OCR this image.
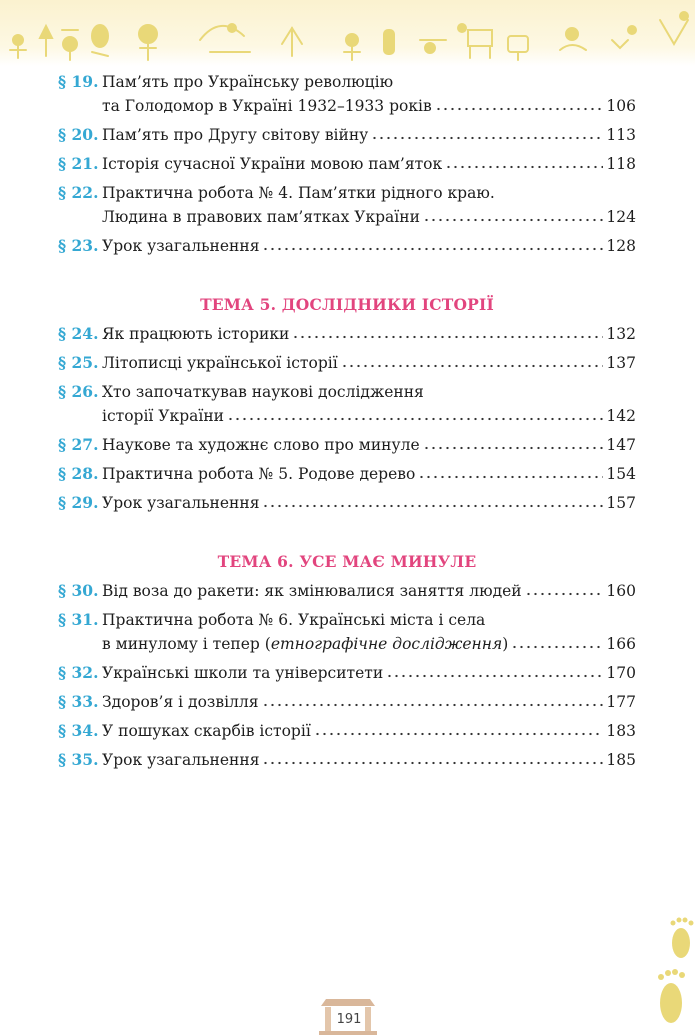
§ 19. Пам’ять про Українську революцію
та Голодомор в Україні 1932–1933 років	106
§ 20. Пам’ять про Другу світову війну	113
§ 21. Історія сучасної України мовою пам’яток	118
§ 22. Практична робота № 4. Пам’ятки рідного краю.
Людина в правових пам’ятках України	124
§ 23. Урок узагальнення	128
ТЕМА 5. ДОСЛІДНИКИ ІСТОРІЇ
§ 24. Як працюють історики	132
§ 25. Літописці української історії	137
§ 26. Хто започаткував наукові дослідження
історії України	142
§ 27. Наукове та художнє слово про минуле	147
§ 28. Практична робота № 5. Родове дерево	154
§ 29. Урок узагальнення	157
ТЕМА 6. УСЕ МАЄ МИНУЛЕ
§ 30. Від воза до ракети: як змінювалися заняття людей	160
§ 31. Практична робота № 6. Українські міста і села
в минулому і тепер (етнографічне дослідження)	166
§ 32. Українські школи та університети	170
§ 33. Здоров’я і дозвілля	177
§ 34. У пошуках скарбів історії	183
§ 35. Урок узагальнення	185
191
